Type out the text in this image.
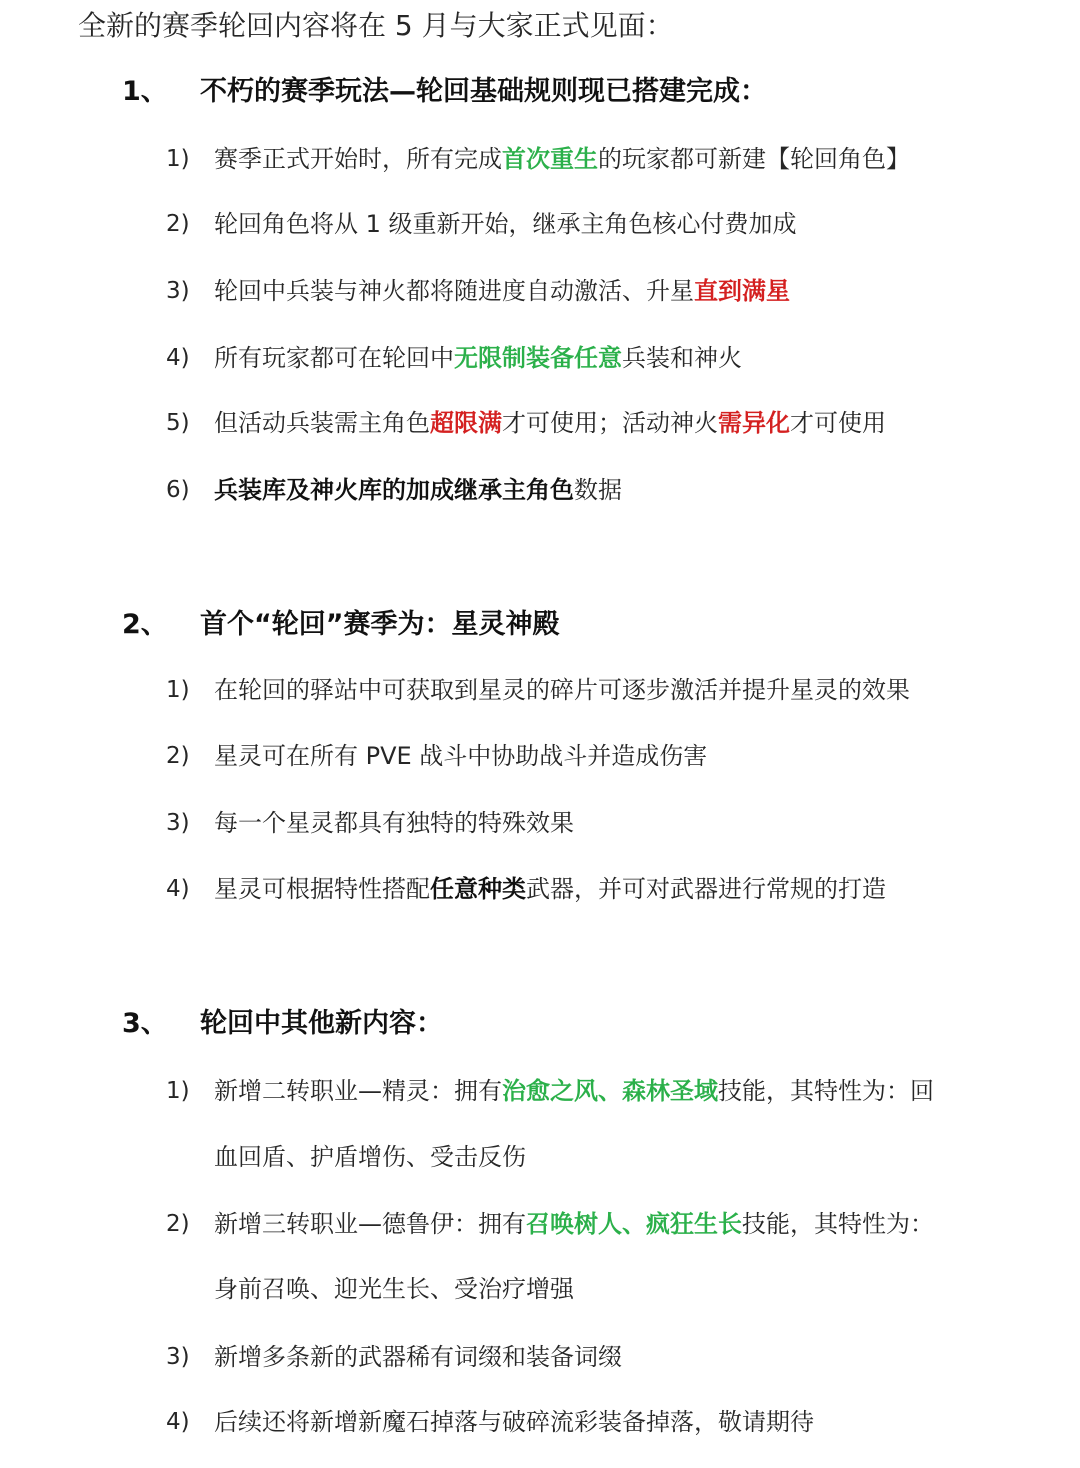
全新的赛季轮回内容将在 5 月与大家正式见面：
1、 不朽的赛季玩法—轮回基础规则现已搭建完成：
1) 赛季正式开始时，所有完成首次重生的玩家都可新建【轮回角色】
2) 轮回角色将从 1 级重新开始，继承主角色核心付费加成
3) 轮回中兵装与神火都将随进度自动激活、升星直到满星
4) 所有玩家都可在轮回中无限制装备任意兵装和神火
5) 但活动兵装需主角色超限满才可使用；活动神火需异化才可使用
6) 兵装库及神火库的加成继承主角色数据
2、 首个“轮回”赛季为：星灵神殿
1) 在轮回的驿站中可获取到星灵的碎片可逐步激活并提升星灵的效果
2) 星灵可在所有 PVE 战斗中协助战斗并造成伤害
3) 每一个星灵都具有独特的特殊效果
4) 星灵可根据特性搭配任意种类武器，并可对武器进行常规的打造
3、 轮回中其他新内容：
1) 新增二转职业—精灵：拥有治愈之风、森林圣域技能，其特性为：回
血回盾、护盾增伤、受击反伤
2) 新增三转职业—德鲁伊：拥有召唤树人、疯狂生长技能，其特性为：
身前召唤、迎光生长、受治疗增强
3) 新增多条新的武器稀有词缀和装备词缀
4) 后续还将新增新魔石掉落与破碎流彩装备掉落，敬请期待
